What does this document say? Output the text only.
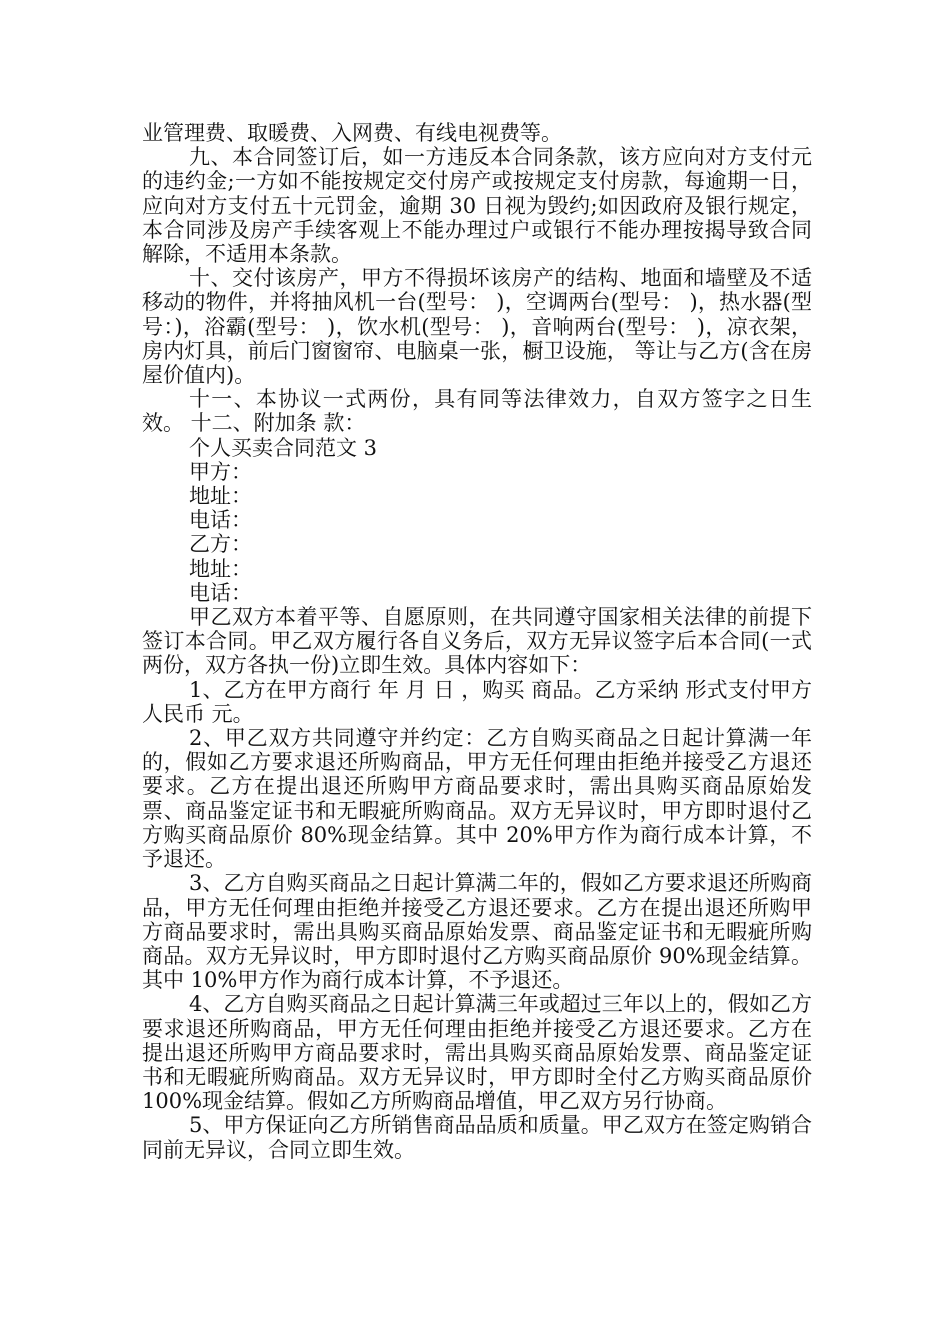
业管理费、取暖费、入网费、有线电视费等。

九、本合同签订后，如一方违反本合同条款，该方应向对方支付元的违约金;一方如不能按规定交付房产或按规定支付房款，每逾期一日，应向对方支付五十元罚金，逾期 30 日视为毁约;如因政府及银行规定，本合同涉及房产手续客观上不能办理过户或银行不能办理按揭导致合同解除，不适用本条款。

十、交付该房产，甲方不得损坏该房产的结构、地面和墙壁及不适移动的物件，并将抽风机一台(型号： )，空调两台(型号： )，热水器(型号：)，浴霸(型号： )，饮水机(型号： )，音响两台(型号： )，凉衣架，房内灯具，前后门窗窗帘、电脑桌一张，橱卫设施， 等让与乙方(含在房屋价值内)。

十一、本协议一式两份，具有同等法律效力，自双方签字之日生效。 十二、附加条 款：

个人买卖合同范文 3

甲方：

地址：

电话：

乙方：

地址：

电话：

甲乙双方本着平等、自愿原则，在共同遵守国家相关法律的前提下签订本合同。甲乙双方履行各自义务后，双方无异议签字后本合同(一式两份，双方各执一份)立即生效。具体内容如下：

1、乙方在甲方商行 年 月 日 ，购买 商品。乙方采纳 形式支付甲方人民币 元。

2、甲乙双方共同遵守并约定：乙方自购买商品之日起计算满一年的，假如乙方要求退还所购商品，甲方无任何理由拒绝并接受乙方退还要求。乙方在提出退还所购甲方商品要求时，需出具购买商品原始发票、商品鉴定证书和无暇疵所购商品。双方无异议时，甲方即时退付乙方购买商品原价 80%现金结算。其中 20%甲方作为商行成本计算，不予退还。

3、乙方自购买商品之日起计算满二年的，假如乙方要求退还所购商品，甲方无任何理由拒绝并接受乙方退还要求。乙方在提出退还所购甲方商品要求时，需出具购买商品原始发票、商品鉴定证书和无暇疵所购商品。双方无异议时，甲方即时退付乙方购买商品原价 90%现金结算。其中 10%甲方作为商行成本计算，不予退还。

4、乙方自购买商品之日起计算满三年或超过三年以上的，假如乙方要求退还所购商品，甲方无任何理由拒绝并接受乙方退还要求。乙方在提出退还所购甲方商品要求时，需出具购买商品原始发票、商品鉴定证书和无暇疵所购商品。双方无异议时，甲方即时全付乙方购买商品原价 100%现金结算。假如乙方所购商品增值，甲乙双方另行协商。

5、甲方保证向乙方所销售商品品质和质量。甲乙双方在签定购销合同前无异议，合同立即生效。
